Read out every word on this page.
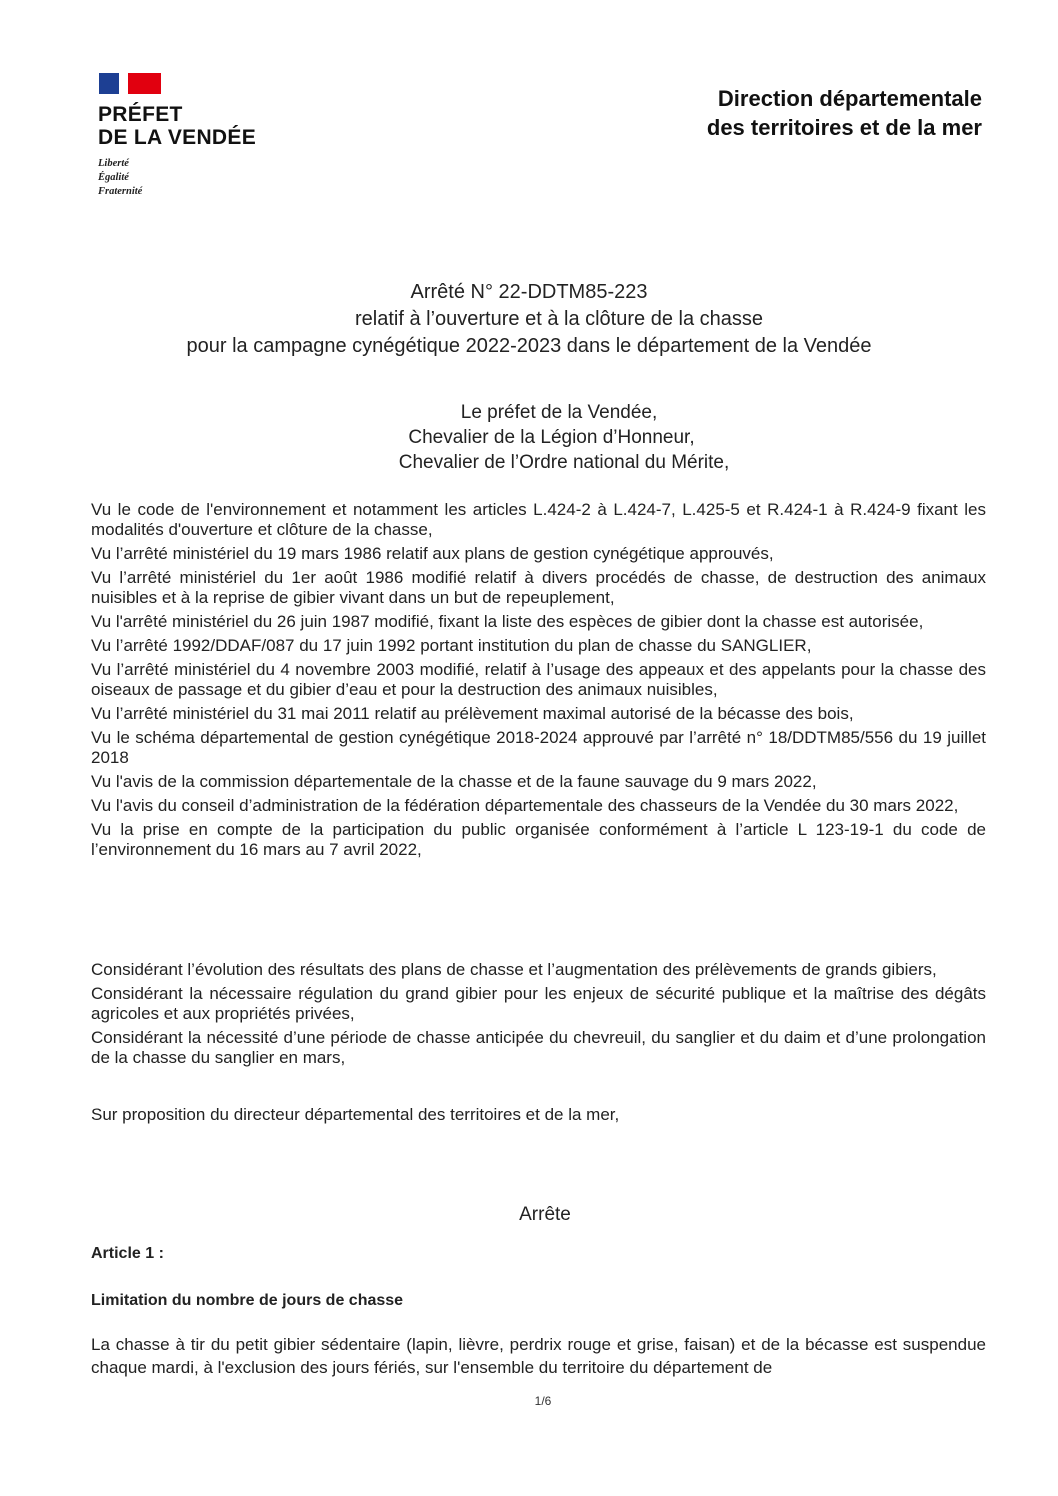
PRÉFET
DE LA VENDÉE
Liberté
Égalité
Fraternité
Direction départementale
des territoires et de la mer
Arrêté N° 22-DDTM85-223
relatif à l’ouverture et à la clôture de la chasse
pour la campagne cynégétique 2022-2023 dans le département de la Vendée
Le préfet de la Vendée,
Chevalier de la Légion d’Honneur,
Chevalier de l’Ordre national du Mérite,
Vu le code de l'environnement et notamment les articles L.424-2 à L.424-7, L.425-5 et R.424-1 à R.424-9 fixant les modalités d'ouverture et clôture de la chasse,
Vu l’arrêté ministériel du 19 mars 1986 relatif aux plans de gestion cynégétique approuvés,
Vu l’arrêté ministériel du 1er août 1986 modifié relatif à divers procédés de chasse, de destruction des animaux nuisibles et à la reprise de gibier vivant dans un but de repeuplement,
Vu l'arrêté ministériel du 26 juin 1987 modifié, fixant la liste des espèces de gibier dont la chasse est autorisée,
Vu l’arrêté 1992/DDAF/087 du 17 juin 1992 portant institution du plan de chasse du SANGLIER,
Vu l’arrêté ministériel du 4 novembre 2003 modifié, relatif à l’usage des appeaux et des appelants pour la chasse des oiseaux de passage et du gibier d’eau et pour la destruction des animaux nuisibles,
Vu l’arrêté ministériel du 31 mai 2011 relatif au prélèvement maximal autorisé de la bécasse des bois,
Vu le schéma départemental de gestion cynégétique 2018-2024 approuvé par l’arrêté n° 18/DDTM85/556 du 19 juillet 2018
Vu l'avis de la commission départementale de la chasse et de la faune sauvage du 9 mars 2022,
Vu l'avis du conseil d’administration de la fédération départementale des chasseurs de la Vendée du 30 mars 2022,
Vu la prise en compte de la participation du public organisée conformément à l’article L 123-19-1 du code de l’environnement du 16 mars au 7 avril 2022,
Considérant l’évolution des résultats des plans de chasse et l’augmentation des prélèvements de grands gibiers,
Considérant la nécessaire régulation du grand gibier pour les enjeux de sécurité publique et la maîtrise des dégâts agricoles et aux propriétés privées,
Considérant la nécessité d’une période de chasse anticipée du chevreuil, du sanglier et du daim et d’une prolongation de la chasse du sanglier en mars,
Sur proposition du directeur départemental des territoires et de la mer,
Arrête
Article 1 :
Limitation du nombre de jours de chasse
La chasse à tir du petit gibier sédentaire (lapin, lièvre, perdrix rouge et grise, faisan) et de la bécasse est suspendue chaque mardi, à l'exclusion des jours fériés, sur l'ensemble du territoire du département de
1/6
